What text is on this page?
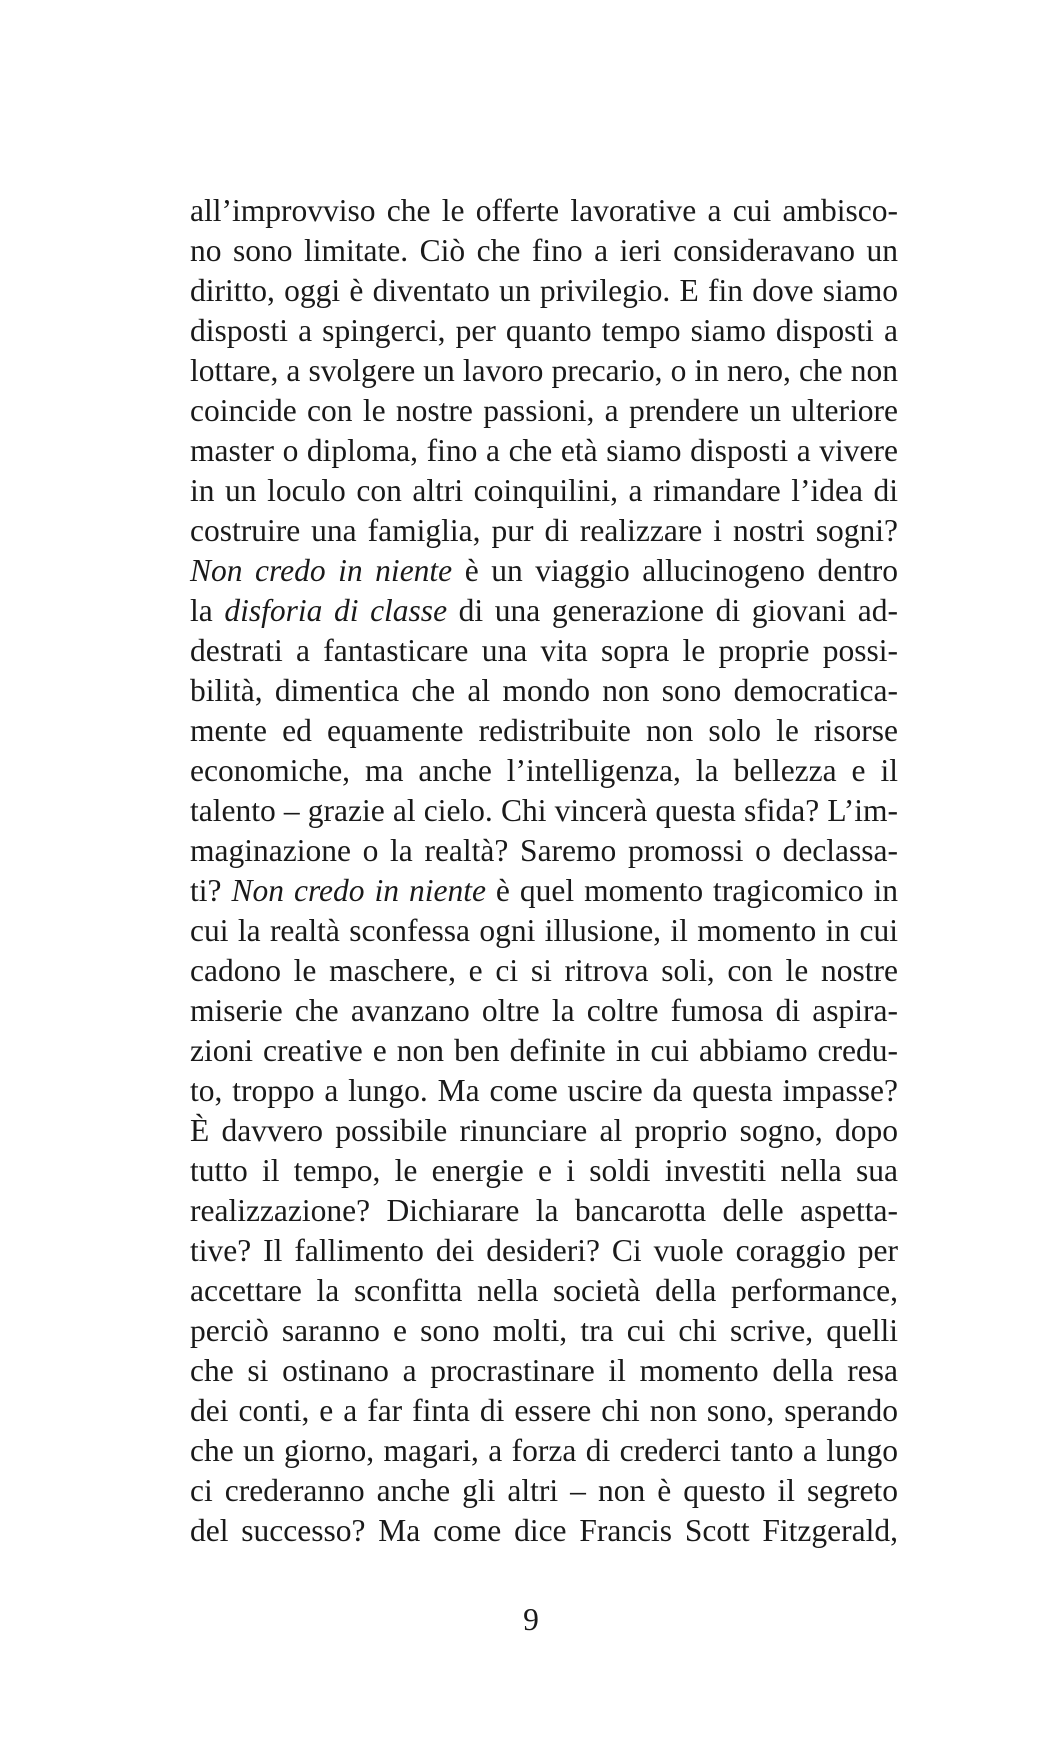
all’improvviso che le offerte lavorative a cui ambisco-
no sono limitate. Ciò che fino a ieri consideravano un
diritto, oggi è diventato un privilegio. E fin dove siamo
disposti a spingerci, per quanto tempo siamo disposti a
lottare, a svolgere un lavoro precario, o in nero, che non
coincide con le nostre passioni, a prendere un ulteriore
master o diploma, fino a che età siamo disposti a vivere
in un loculo con altri coinquilini, a rimandare l’idea di
costruire una famiglia, pur di realizzare i nostri sogni?
Non credo in niente è un viaggio allucinogeno dentro
la disforia di classe di una generazione di giovani ad-
destrati a fantasticare una vita sopra le proprie possi-
bilità, dimentica che al mondo non sono democratica-
mente ed equamente redistribuite non solo le risorse
economiche, ma anche l’intelligenza, la bellezza e il
talento – grazie al cielo. Chi vincerà questa sfida? L’im-
maginazione o la realtà? Saremo promossi o declassa-
ti? Non credo in niente è quel momento tragicomico in
cui la realtà sconfessa ogni illusione, il momento in cui
cadono le maschere, e ci si ritrova soli, con le nostre
miserie che avanzano oltre la coltre fumosa di aspira-
zioni creative e non ben definite in cui abbiamo credu-
to, troppo a lungo. Ma come uscire da questa impasse?
È davvero possibile rinunciare al proprio sogno, dopo
tutto il tempo, le energie e i soldi investiti nella sua
realizzazione? Dichiarare la bancarotta delle aspetta-
tive? Il fallimento dei desideri? Ci vuole coraggio per
accettare la sconfitta nella società della performance,
perciò saranno e sono molti, tra cui chi scrive, quelli
che si ostinano a procrastinare il momento della resa
dei conti, e a far finta di essere chi non sono, sperando
che un giorno, magari, a forza di crederci tanto a lungo
ci crederanno anche gli altri – non è questo il segreto
del successo? Ma come dice Francis Scott Fitzgerald,
9
